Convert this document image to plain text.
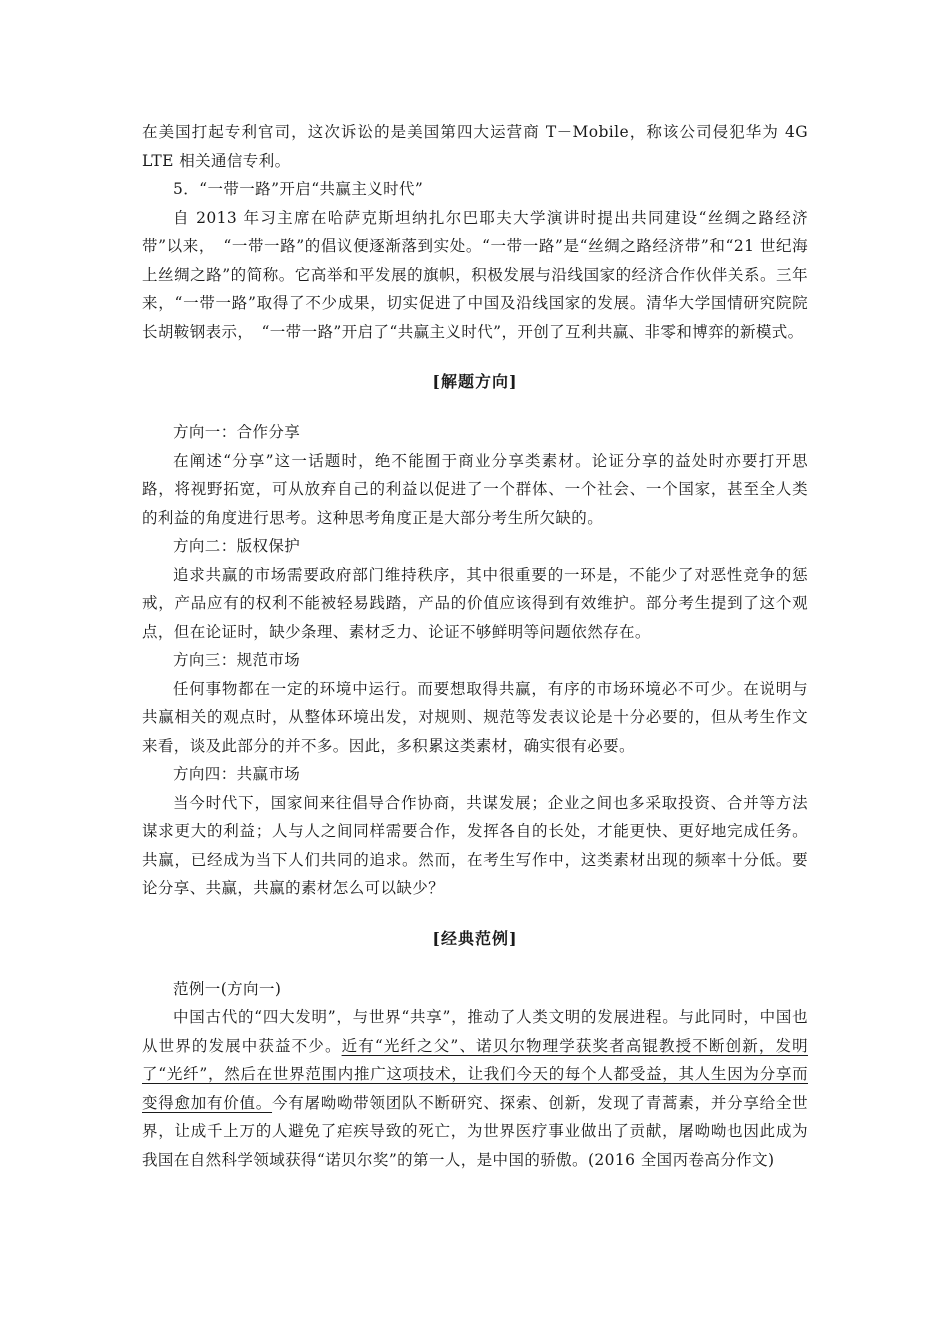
在美国打起专利官司，这次诉讼的是美国第四大运营商 T－Mobile，称该公司侵犯华为 4G LTE 相关通信专利。

5．“一带一路”开启“共赢主义时代”

自 2013 年习主席在哈萨克斯坦纳扎尔巴耶夫大学演讲时提出共同建设“丝绸之路经济带”以来，　“一带一路”的倡议便逐渐落到实处。“一带一路”是“丝绸之路经济带”和“21 世纪海上丝绸之路”的简称。它高举和平发展的旗帜，积极发展与沿线国家的经济合作伙伴关系。三年来，“一带一路”取得了不少成果，切实促进了中国及沿线国家的发展。清华大学国情研究院院长胡鞍钢表示，　“一带一路”开启了“共赢主义时代”，开创了互利共赢、非零和博弈的新模式。

[解题方向]

方向一：合作分享

在阐述“分享”这一话题时，绝不能囿于商业分享类素材。论证分享的益处时亦要打开思路，将视野拓宽，可从放弃自己的利益以促进了一个群体、一个社会、一个国家，甚至全人类的利益的角度进行思考。这种思考角度正是大部分考生所欠缺的。

方向二：版权保护

追求共赢的市场需要政府部门维持秩序，其中很重要的一环是，不能少了对恶性竞争的惩戒，产品应有的权利不能被轻易践踏，产品的价值应该得到有效维护。部分考生提到了这个观点，但在论证时，缺少条理、素材乏力、论证不够鲜明等问题依然存在。

方向三：规范市场

任何事物都在一定的环境中运行。而要想取得共赢，有序的市场环境必不可少。在说明与共赢相关的观点时，从整体环境出发，对规则、规范等发表议论是十分必要的，但从考生作文来看，谈及此部分的并不多。因此，多积累这类素材，确实很有必要。

方向四：共赢市场

当今时代下，国家间来往倡导合作协商，共谋发展；企业之间也多采取投资、合并等方法谋求更大的利益；人与人之间同样需要合作，发挥各自的长处，才能更快、更好地完成任务。共赢，已经成为当下人们共同的追求。然而，在考生写作中，这类素材出现的频率十分低。要论分享、共赢，共赢的素材怎么可以缺少？

[经典范例]

范例一(方向一)

中国古代的“四大发明”，与世界“共享”，推动了人类文明的发展进程。与此同时，中国也从世界的发展中获益不少。近有“光纤之父”、诺贝尔物理学获奖者高锟教授不断创新，发明了“光纤”，然后在世界范围内推广这项技术，让我们今天的每个人都受益，其人生因为分享而变得愈加有价值。今有屠呦呦带领团队不断研究、探索、创新，发现了青蒿素，并分享给全世界，让成千上万的人避免了疟疾导致的死亡，为世界医疗事业做出了贡献，屠呦呦也因此成为我国在自然科学领域获得“诺贝尔奖”的第一人，是中国的骄傲。(2016 全国丙卷高分作文)
